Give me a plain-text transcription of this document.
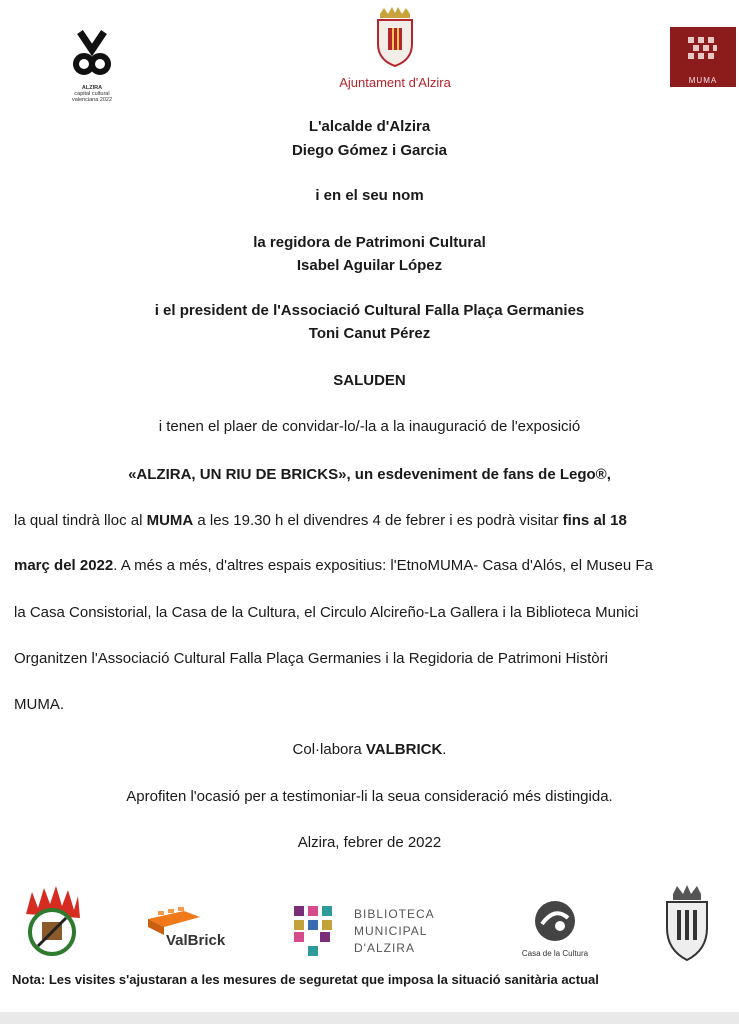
ALZIRA
capital cultural
valenciana 2022
Ajuntament d'Alzira	MUMA
L'alcalde d'Alzira
Diego Gómez i Garcia
i en el seu nom
la regidora de Patrimoni Cultural
Isabel Aguilar López
i el president de l'Associació Cultural Falla Plaça Germanies
Toni Canut Pérez
SALUDEN
i tenen el plaer de convidar-lo/-la a la inauguració de l'exposició
«ALZIRA, UN RIU DE BRICKS», un esdeveniment de fans de Lego®,
la qual tindrà lloc al MUMA a les 19.30 h el divendres 4 de febrer i es podrà visitar fins al 18
març del 2022. A més a més, d'altres espais expositius: l'EtnoMUMA- Casa d'Alós, el Museu Fa
la Casa Consistorial, la Casa de la Cultura, el Circulo Alcireño-La Gallera i la Biblioteca Munici
Organitzen l'Associació Cultural Falla Plaça Germanies i la Regidoria de Patrimoni Històri
MUMA.
Col·labora VALBRICK.
Aprofiten l'ocasió per a testimoniar-li la seua consideració més distingida.
Alzira, febrer de 2022
ValBrick
BIBLIOTECA
MUNICIPAL
D'ALZIRA	Casa de la Cultura
Nota: Les visites s'ajustaran a les mesures de seguretat que imposa la situació sanitària actual
